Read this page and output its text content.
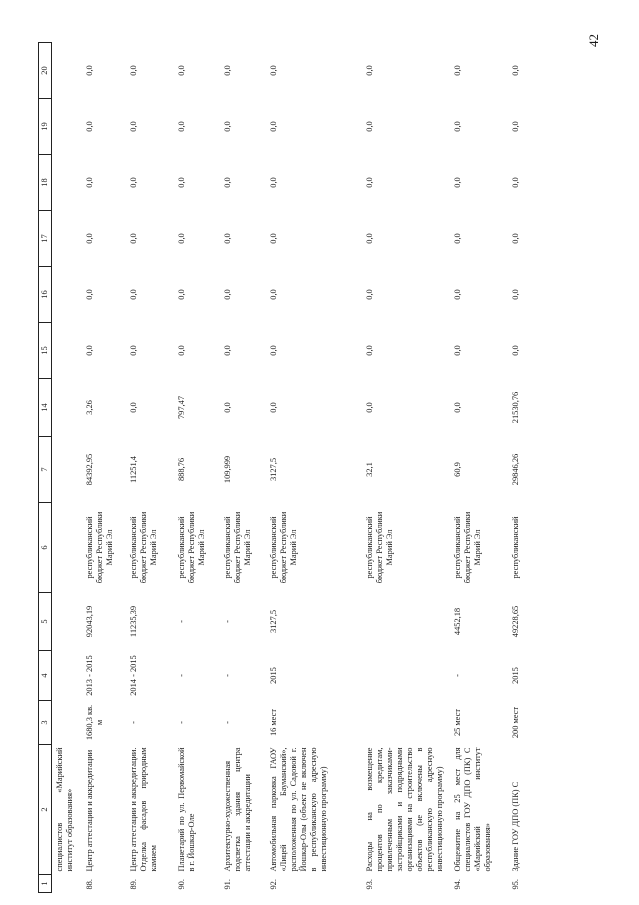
42
1	2	3	4	5	6	7	14	15	16	17	18	19	20
	специалистов «Марийский институт образования»												
88.	Центр аттестации и аккредитации	1680,3 кв. м	2013 - 2015	92043,19	республиканский бюджет Республики Марий Эл	84392,95	3,26	0,0	0,0	0,0	0,0	0,0	0,0
89.	Центр аттестации и аккредитации. Отделка фасадов природным камнем	-	2014 - 2015	11235,39	республиканский бюджет Республики Марий Эл	11251,4	0,0	0,0	0,0	0,0	0,0	0,0	0,0
90.	Планетарий по ул. Первомайской в г. Йошкар-Оле	-	-	-	республиканский бюджет Республики Марий Эл	888,76	797,47	0,0	0,0	0,0	0,0	0,0	0,0
91.	Архитектурно-художественная подсветка здания центра аттестации и аккредитации	-	-	-	республиканский бюджет Республики Марий Эл	109,999	0,0	0,0	0,0	0,0	0,0	0,0	0,0
92.	Автомобильная парковка ГАОУ «Лицей Бауманский», расположенная по ул. Садовой г. Йошкар-Олы (объект не включен в республиканскую адресную инвестиционную программу)	16 мест	2015	3127,5	республиканский бюджет Республики Марий Эл	3127,5	0,0	0,0	0,0	0,0	0,0	0,0	0,0
93.	Расходы на возмещение процентов по кредитам, привлеченным заказчиками-застройщиками и подрядными организациями на строительство объектов (не включены в республиканскую адресную инвестиционную программу)				республиканский бюджет Республики Марий Эл	32,1	0,0	0,0	0,0	0,0	0,0	0,0	0,0
94.	Общежитие на 25 мест для специалистов ГОУ ДПО (ПК) С «Марийский институт образования»	25 мест	-	4452,18	республиканский бюджет Республики Марий Эл	60,9	0,0	0,0	0,0	0,0	0,0	0,0	0,0
95.	Здание ГОУ ДПО (ПК) С	200 мест	2015	49228,65	республиканский	29846,26	21530,76	0,0	0,0	0,0	0,0	0,0	0,0
